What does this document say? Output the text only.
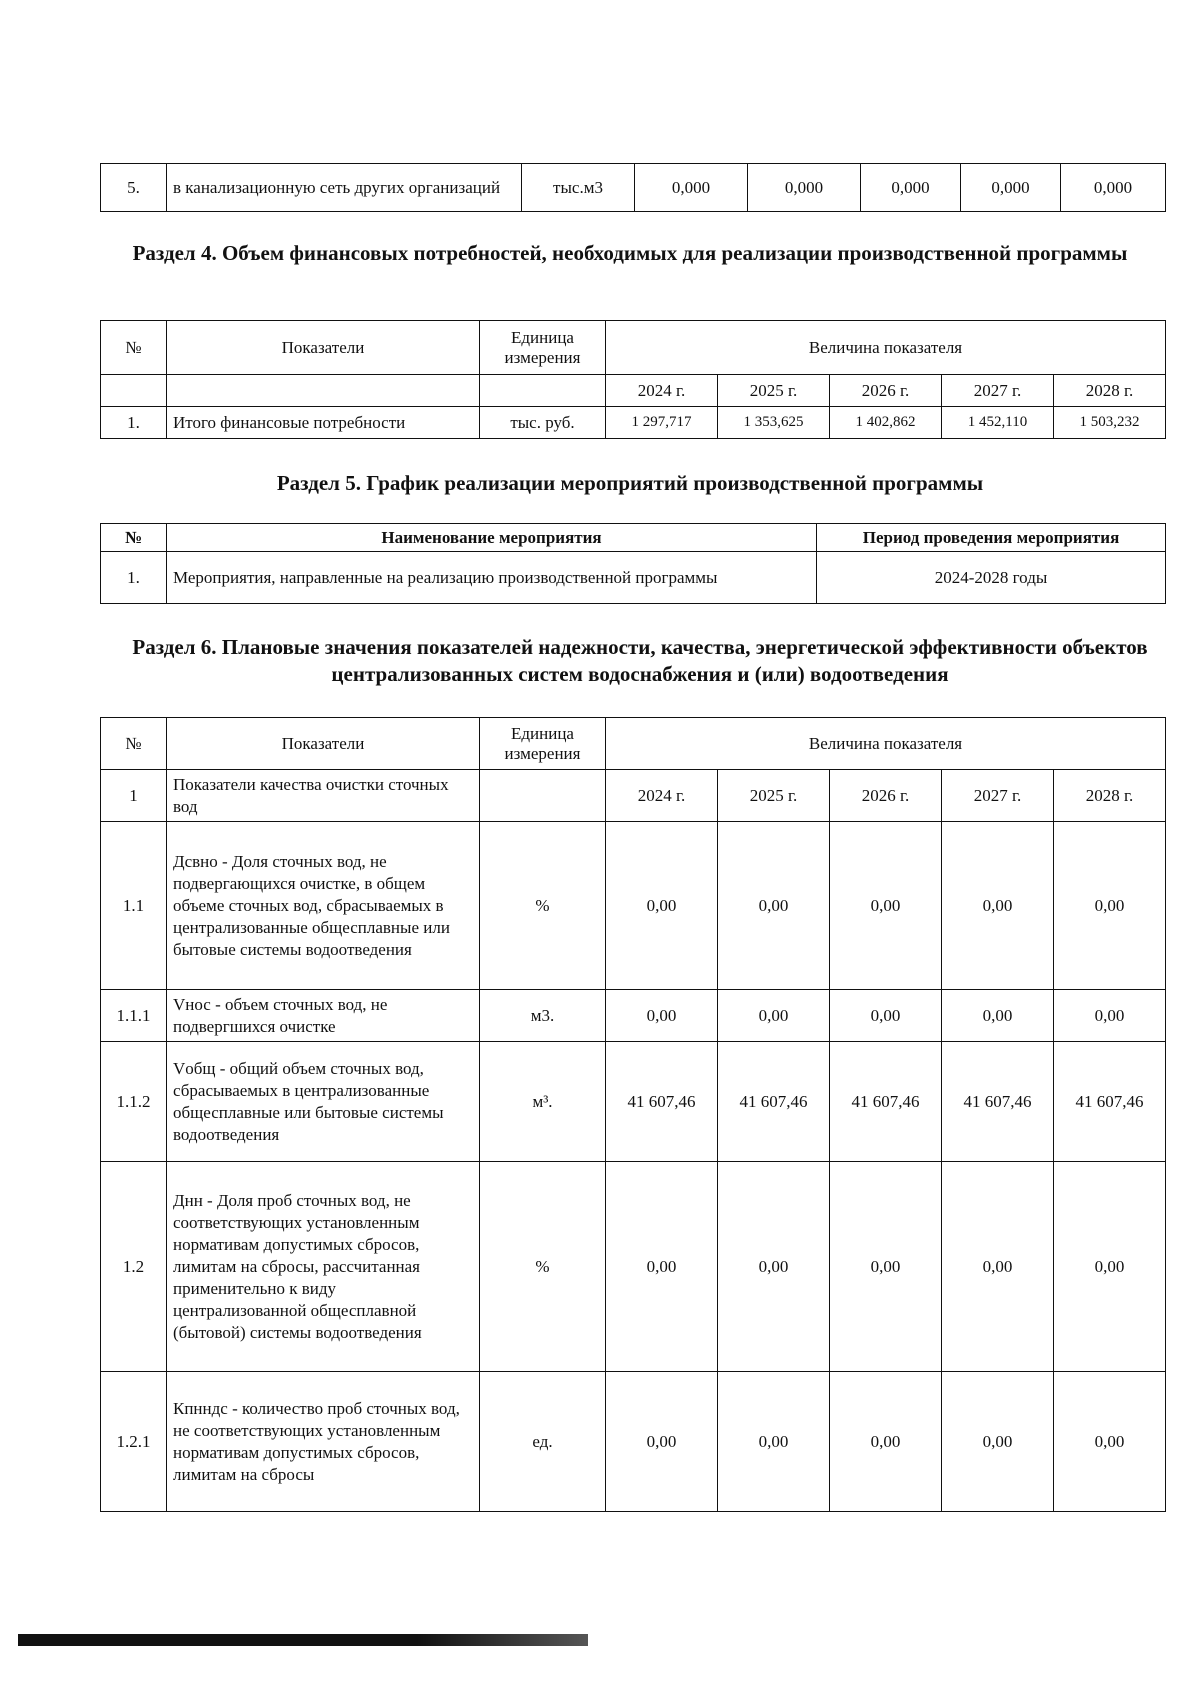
5.	в канализационную сеть других организаций	тыс.м3	0,000	0,000	0,000	0,000	0,000
Раздел 4. Объем финансовых потребностей, необходимых для реализации производственной программы
№	Показатели	Единица измерения	Величина показателя				
			2024 г.	2025 г.	2026 г.	2027 г.	2028 г.
1.	Итого финансовые потребности	тыс. руб.	1 297,717	1 353,625	1 402,862	1 452,110	1 503,232
Раздел 5. График реализации мероприятий производственной программы
№	Наименование мероприятия	Период проведения мероприятия
1.	Мероприятия, направленные на реализацию производственной программы	2024-2028 годы
Раздел 6. Плановые значения показателей надежности, качества, энергетической эффективности объектов централизованных систем водоснабжения и (или) водоотведения
№	Показатели	Единица измерения	Величина показателя				
1	Показатели качества очистки сточных вод		2024 г.	2025 г.	2026 г.	2027 г.	2028 г.
1.1	Дсвно - Доля сточных вод, не подвергающихся очистке, в общем объеме сточных вод, сбрасываемых в централизованные общесплавные или бытовые системы водоотведения	%	0,00	0,00	0,00	0,00	0,00
1.1.1	Vнос - объем сточных вод, не подвергшихся очистке	м3.	0,00	0,00	0,00	0,00	0,00
1.1.2	Vобщ - общий объем сточных вод, сбрасываемых в централизованные общесплавные или бытовые системы водоотведения	м³.	41 607,46	41 607,46	41 607,46	41 607,46	41 607,46
1.2	Днн - Доля проб сточных вод, не соответствующих установленным нормативам допустимых сбросов, лимитам на сбросы, рассчитанная применительно к виду централизованной общесплавной (бытовой) системы водоотведения	%	0,00	0,00	0,00	0,00	0,00
1.2.1	Кпнндс - количество проб сточных вод, не соответствующих установленным нормативам допустимых сбросов, лимитам на сбросы	ед.	0,00	0,00	0,00	0,00	0,00
